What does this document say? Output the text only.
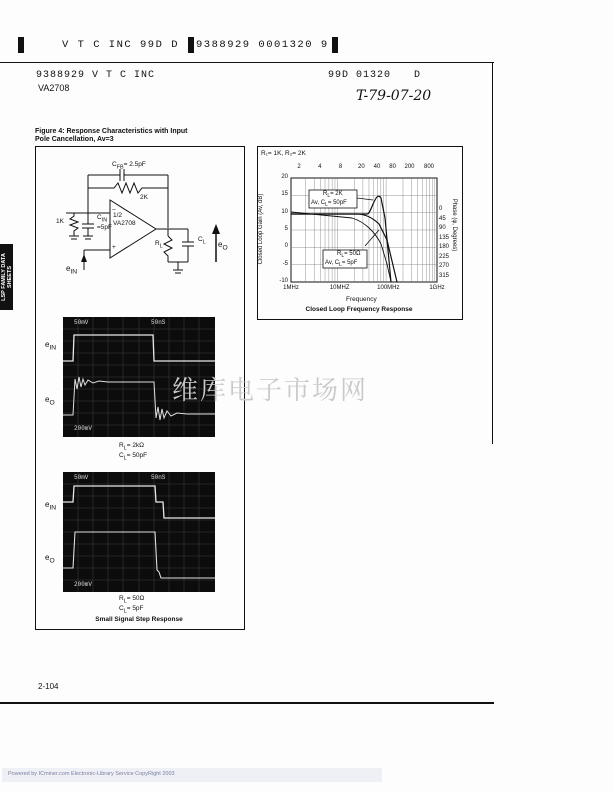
V T C INC 99D D 9388929 0001320 9
9388929 V T C INC	99D 01320 D
VA2708	T-79-07-20
LSP FAMILY DATA
SHEETS
Figure 4: Response Characteristics with Input
Pole Cancellation, Av=3
$C_{FB}= 2.5pF$
2K
1K
$C_{IN}$
=5pF
1/2
VA2708
−
+
$R_L$
$C_L$
$e_{IN}$
$e_O$
50mV	50nS
200mV
$e_{IN}$
$e_O$
$R_L= 2k\Omega$
$C_L= 50pF$
50mV	50nS
200mV
$e_{IN}$
$e_O$
$R_L= 50\Omega$
$C_L= 5pF$
Small Signal Step Response
R₁= 1K, R₂= 2K
2	4	8	20	40	80	200 800
20
15
10
5
0
-5
-10
0
45
90
135
180
225
270
315
1MHz	10MHZ	100MHz	1GHz
$R_L= 2K$
Av, $C_L= 50pF$
$R_L= 50\Omega$
Av, $C_L= 5pF$
Frequency
Closed Loop Gain (Av, dB)	Phase (φ, Degrees)
Closed Loop Frequency Response
维库电子市场网
2-104
Powered by ICminer.com Electronic-Library Service CopyRight 2003
